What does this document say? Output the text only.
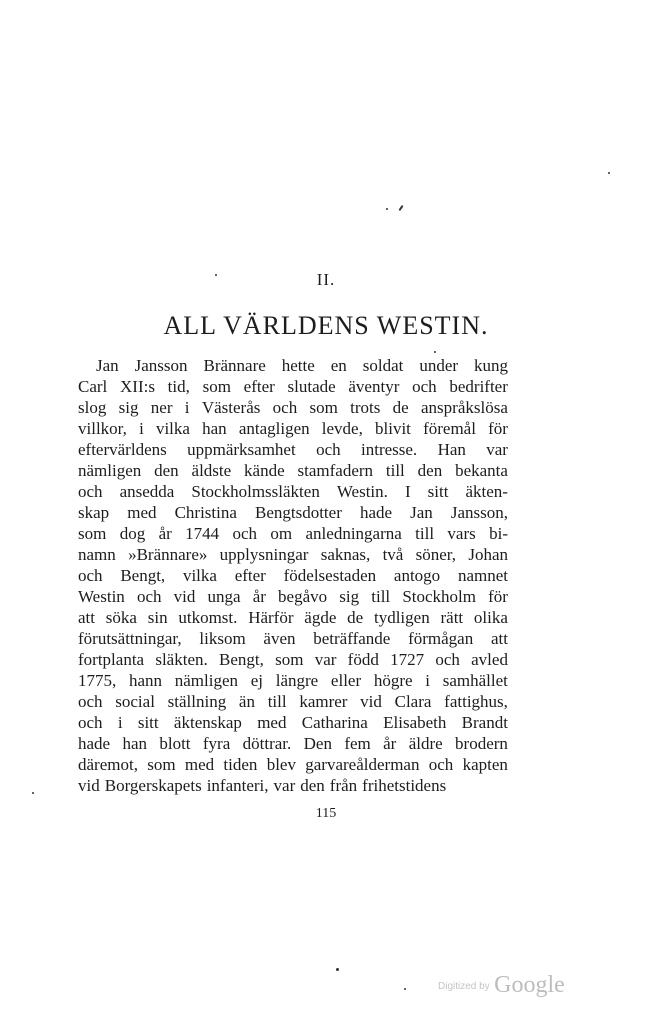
II.
ALL VÄRLDENS WESTIN.
Jan Jansson Brännare hette en soldat under kung
Carl XII:s tid, som efter slutade äventyr och bedrifter
slog sig ner i Västerås och som trots de anspråkslösa
villkor, i vilka han antagligen levde, blivit föremål för
eftervärldens uppmärksamhet och intresse. Han var
nämligen den äldste kände stamfadern till den bekanta
och ansedda Stockholmssläkten Westin. I sitt äkten-
skap med Christina Bengtsdotter hade Jan Jansson,
som dog år 1744 och om anledningarna till vars bi-
namn »Brännare» upplysningar saknas, två söner, Johan
och Bengt, vilka efter födelsestaden antogo namnet
Westin och vid unga år begåvo sig till Stockholm för
att söka sin utkomst. Härför ägde de tydligen rätt olika
förutsättningar, liksom även beträffande förmågan att
fortplanta släkten. Bengt, som var född 1727 och avled
1775, hann nämligen ej längre eller högre i samhället
och social ställning än till kamrer vid Clara fattighus,
och i sitt äktenskap med Catharina Elisabeth Brandt
hade han blott fyra döttrar. Den fem år äldre brodern
däremot, som med tiden blev garvareålderman och kapten
vid Borgerskapets infanteri, var den från frihetstidens
115
Digitized by Google
